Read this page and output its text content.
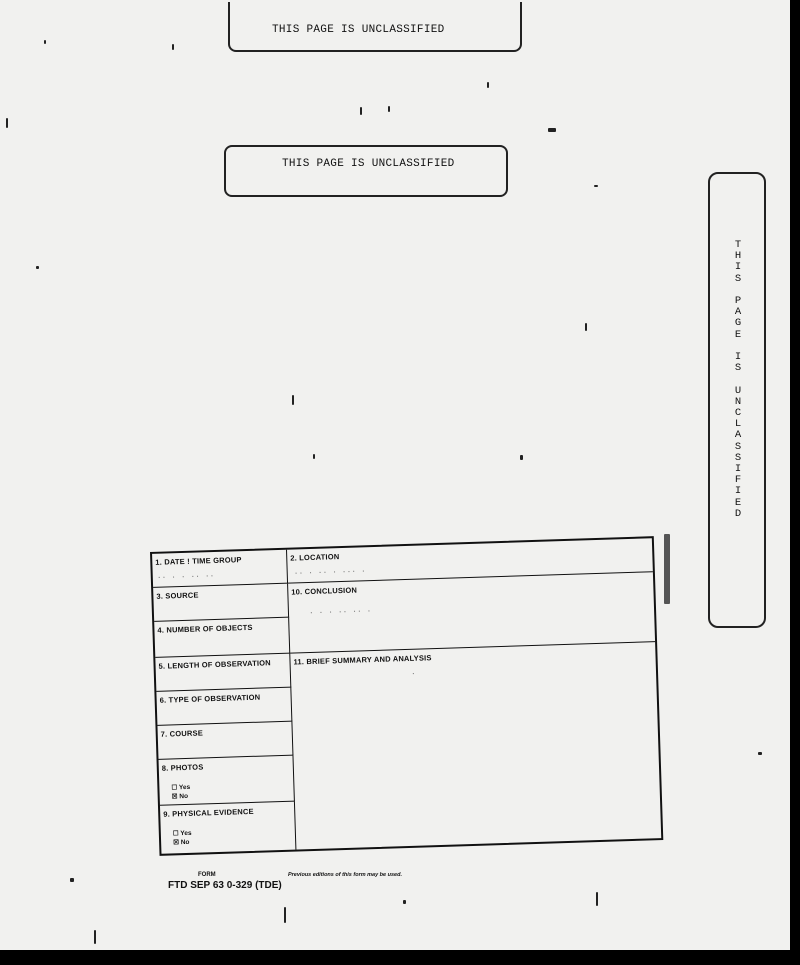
THIS PAGE IS UNCLASSIFIED
THIS PAGE IS UNCLASSIFIED
T
H
I
S

P
A
G
E

I
S

U
N
C
L
A
S
S
I
F
I
E
D
1. DATE ! TIME GROUP
·· · · ·· ··
2. LOCATION
·· · ·· · ··· ·
3. SOURCE	10. CONCLUSION
· · · ·· ·· ·
4. NUMBER OF OBJECTS
5. LENGTH OF OBSERVATION	11. BRIEF SUMMARY AND ANALYSIS
·
6. TYPE OF OBSERVATION
7. COURSE
8. PHOTOS
☐ Yes
☒ No
9. PHYSICAL EVIDENCE
☐ Yes
☒ No
FORM
FTD SEP 63 0-329 (TDE)
Previous editions of this form may be used.
